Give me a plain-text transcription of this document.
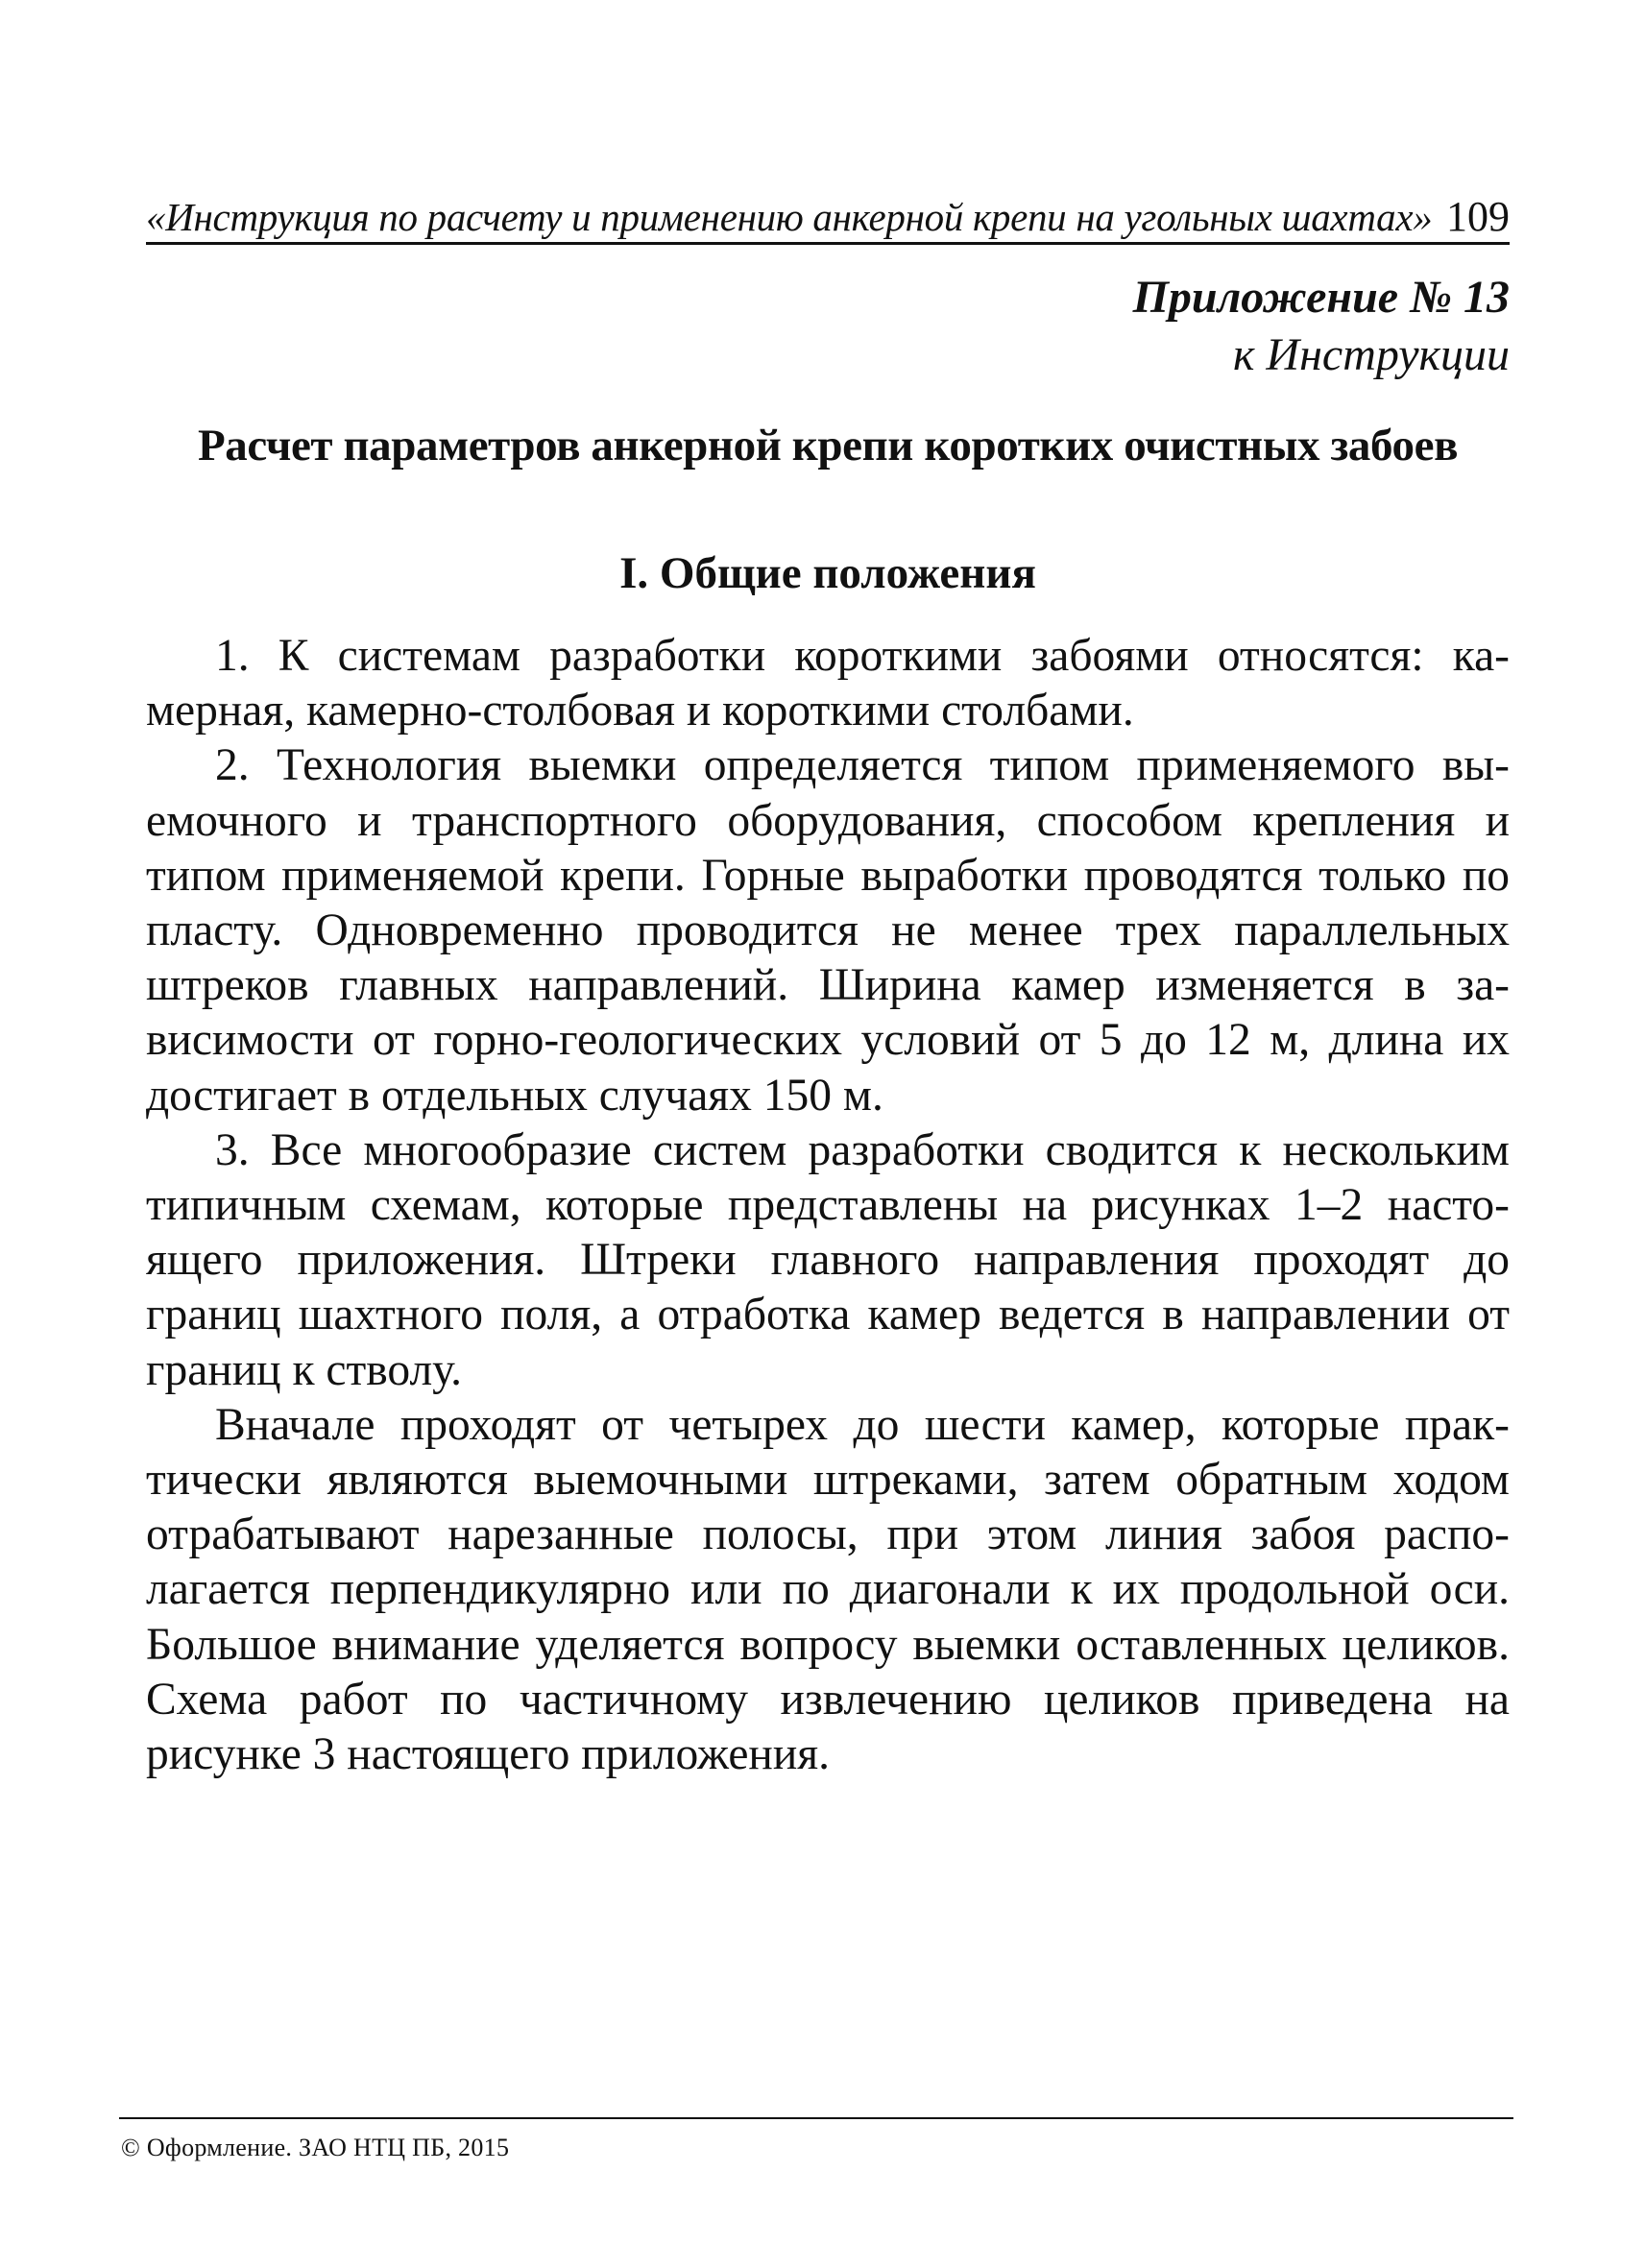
«Инструкция по расчету и применению анкерной крепи на угольных шахтах» 109
Приложение № 13
к Инструкции
Расчет параметров анкерной крепи коротких очистных забоев
I. Общие положения

1. К системам разработки короткими забоями относятся: камерная, камерно-столбовая и короткими столбами.

2. Технология выемки определяется типом применяемого выемочного и транспортного оборудования, способом крепления и типом применяемой крепи. Горные выработки проводятся только по пласту. Одновременно проводится не менее трех параллельных штреков главных направлений. Ширина камер изменяется в зависимости от горно-геологических условий от 5 до 12 м, длина их достигает в отдельных случаях 150 м.

3. Все многообразие систем разработки сводится к нескольким типичным схемам, которые представлены на рисунках 1–2 настоящего приложения. Штреки главного направления проходят до границ шахтного поля, а отработка камер ведется в направлении от границ к стволу.

Вначале проходят от четырех до шести камер, которые практически являются выемочными штреками, затем обратным ходом отрабатывают нарезанные полосы, при этом линия забоя располагается перпендикулярно или по диагонали к их продольной оси. Большое внимание уделяется вопросу выемки оставленных целиков. Схема работ по частичному извлечению целиков приведена на рисунке 3 настоящего приложения.

© Оформление. ЗАО НТЦ ПБ, 2015
